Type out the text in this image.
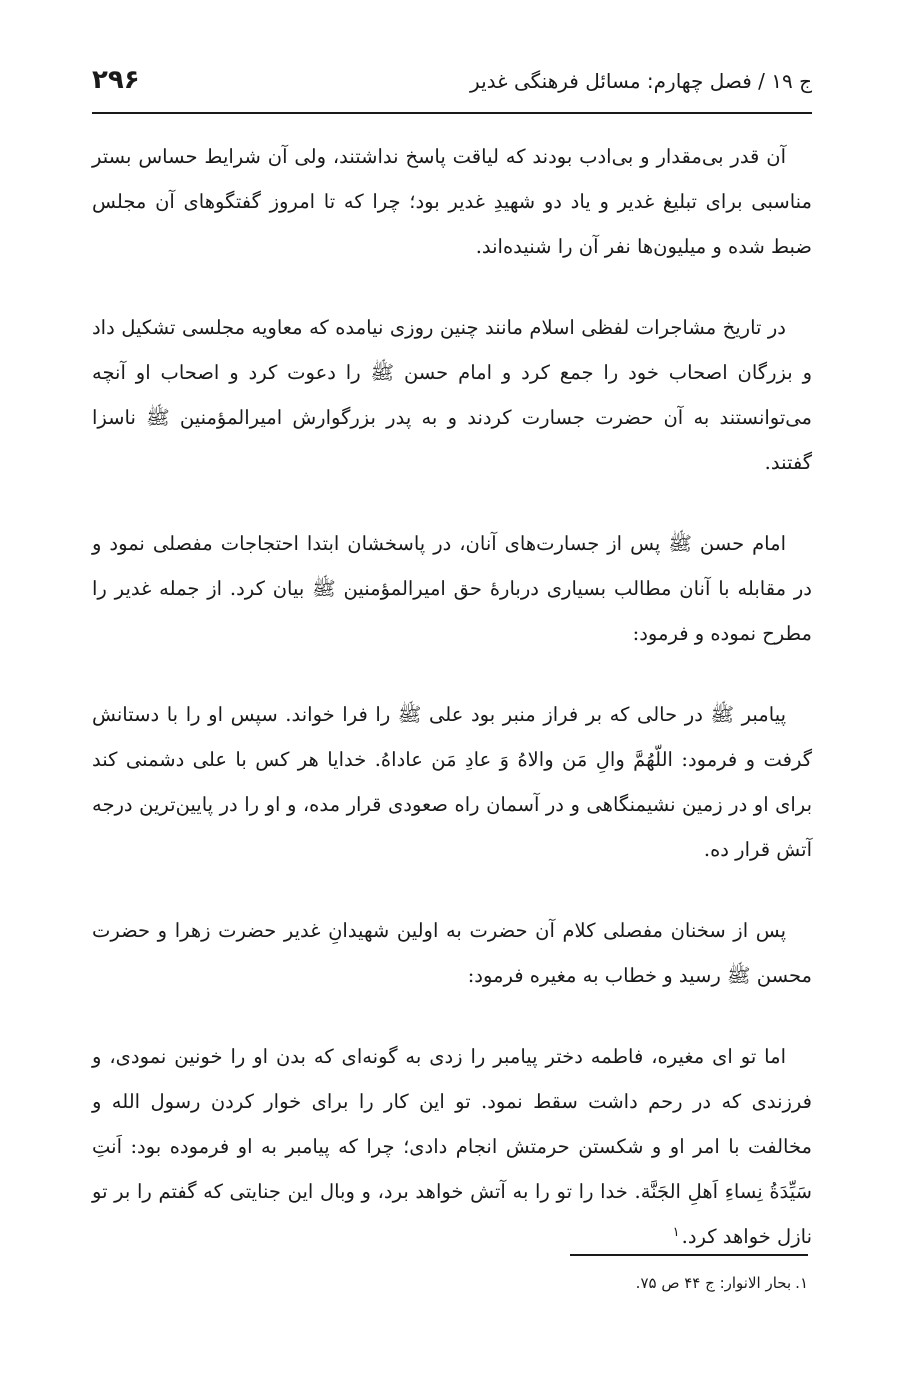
ج ۱۹ / فصل چهارم: مسائل فرهنگی غدیر
۲۹۶

آن قدر بی‌مقدار و بی‌ادب بودند که لیاقت پاسخ نداشتند، ولی آن شرایط حساس بستر مناسبی برای تبلیغ غدیر و یاد دو شهیدِ غدیر بود؛ چرا که تا امروز گفتگوهای آن مجلس ضبط شده و میلیون‌ها نفر آن را شنیده‌اند.

در تاریخ مشاجرات لفظی اسلام مانند چنین روزی نیامده که معاویه مجلسی تشکیل داد و بزرگان اصحاب خود را جمع کرد و امام حسن ﷺ را دعوت کرد و اصحاب او آنچه می‌توانستند به آن حضرت جسارت کردند و به پدر بزرگوارش امیرالمؤمنین ﷺ ناسزا گفتند.

امام حسن ﷺ پس از جسارت‌های آنان، در پاسخشان ابتدا احتجاجات مفصلی نمود و در مقابله با آنان مطالب بسیاری دربارهٔ حق امیرالمؤمنین ﷺ بیان کرد. از جمله غدیر را مطرح نموده و فرمود:

پیامبر ﷺ در حالی که بر فراز منبر بود علی ﷺ را فرا خواند. سپس او را با دستانش گرفت و فرمود: اللّهُمَّ والِ مَن والاهُ وَ عادِ مَن عاداهُ. خدایا هر کس با علی دشمنی کند برای او در زمین نشیمنگاهی و در آسمان راه صعودی قرار مده، و او را در پایین‌ترین درجه آتش قرار ده.

پس از سخنان مفصلی کلام آن حضرت به اولین شهیدانِ غدیر حضرت زهرا و حضرت محسن ﷺ رسید و خطاب به مغیره فرمود:

اما تو ای مغیره، فاطمه دختر پیامبر را زدی به گونه‌ای که بدن او را خونین نمودی، و فرزندی که در رحم داشت سقط نمود. تو این کار را برای خوار کردن رسول الله و مخالفت با امر او و شکستن حرمتش انجام دادی؛ چرا که پیامبر به او فرموده بود: اَنتِ سَیِّدَةُ نِساءِ اَهلِ الجَنَّة. خدا را تو را به آتش خواهد برد، و وبال این جنایتی که گفتم را بر تو نازل خواهد کرد.$^۱$

۱.بحار الانوار: ج ۴۴ ص ۷۵.
